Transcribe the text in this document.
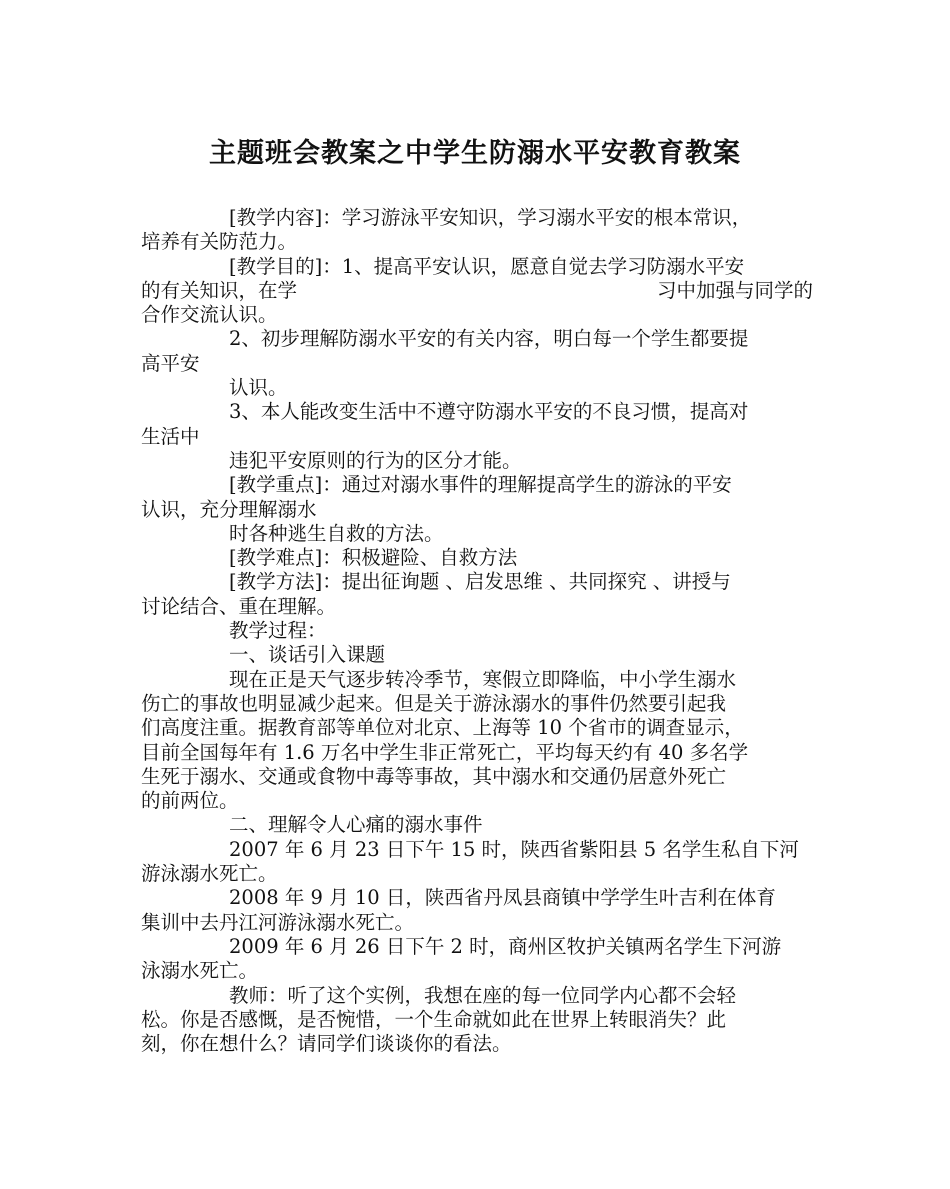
主题班会教案之中学生防溺水平安教育教案
[教学内容]：学习游泳平安知识，学习溺水平安的根本常识，
培养有关防范力。
[教学目的]：1、提高平安认识，愿意自觉去学习防溺水平安
的有关知识，在学	习中加强与同学的
合作交流认识。
2、初步理解防溺水平安的有关内容，明白每一个学生都要提
高平安
认识。
3、本人能改变生活中不遵守防溺水平安的不良习惯，提高对
生活中
违犯平安原则的行为的区分才能。
[教学重点]：通过对溺水事件的理解提高学生的游泳的平安
认识，充分理解溺水
时各种逃生自救的方法。
[教学难点]：积极避险、自救方法
[教学方法]：提出征询题 、启发思维 、共同探究 、讲授与
讨论结合、重在理解。
教学过程：
一、谈话引入课题
现在正是天气逐步转冷季节，寒假立即降临，中小学生溺水
伤亡的事故也明显减少起来。但是关于游泳溺水的事件仍然要引起我
们高度注重。据教育部等单位对北京、上海等 10 个省市的调查显示，
目前全国每年有 1.6 万名中学生非正常死亡，平均每天约有 40 多名学
生死于溺水、交通或食物中毒等事故，其中溺水和交通仍居意外死亡
的前两位。
二、理解令人心痛的溺水事件
2007 年 6 月 23 日下午 15 时，陕西省紫阳县 5 名学生私自下河
游泳溺水死亡。
2008 年 9 月 10 日，陕西省丹凤县商镇中学学生叶吉利在体育
集训中去丹江河游泳溺水死亡。
2009 年 6 月 26 日下午 2 时，商州区牧护关镇两名学生下河游
泳溺水死亡。
教师：听了这个实例，我想在座的每一位同学内心都不会轻
松。你是否感慨，是否惋惜，一个生命就如此在世界上转眼消失？此
刻，你在想什么？请同学们谈谈你的看法。
